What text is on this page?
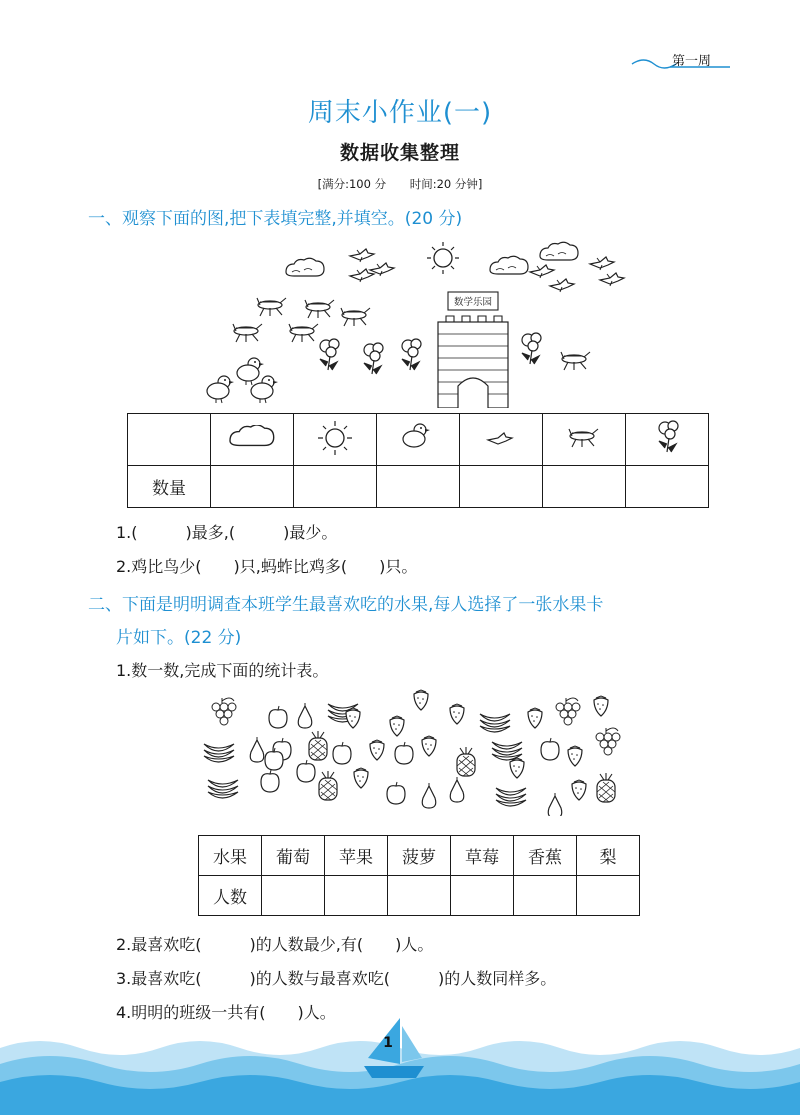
第一周
周末小作业(一)
数据收集整理
[满分:100 分 时间:20 分钟]
一、观察下面的图,把下表填完整,并填空。(20 分)
数学乐园

数量						
1.(　　　)最多,(　　　)最少。
2.鸡比鸟少(　　)只,蚂蚱比鸡多(　　)只。
二、下面是明明调查本班学生最喜欢吃的水果,每人选择了一张水果卡
片如下。(22 分)
1.数一数,完成下面的统计表。
水果	葡萄	苹果	菠萝	草莓	香蕉	梨
人数						
2.最喜欢吃(　　　)的人数最少,有(　　)人。
3.最喜欢吃(　　　)的人数与最喜欢吃(　　　)的人数同样多。
4.明明的班级一共有(　　)人。
1
